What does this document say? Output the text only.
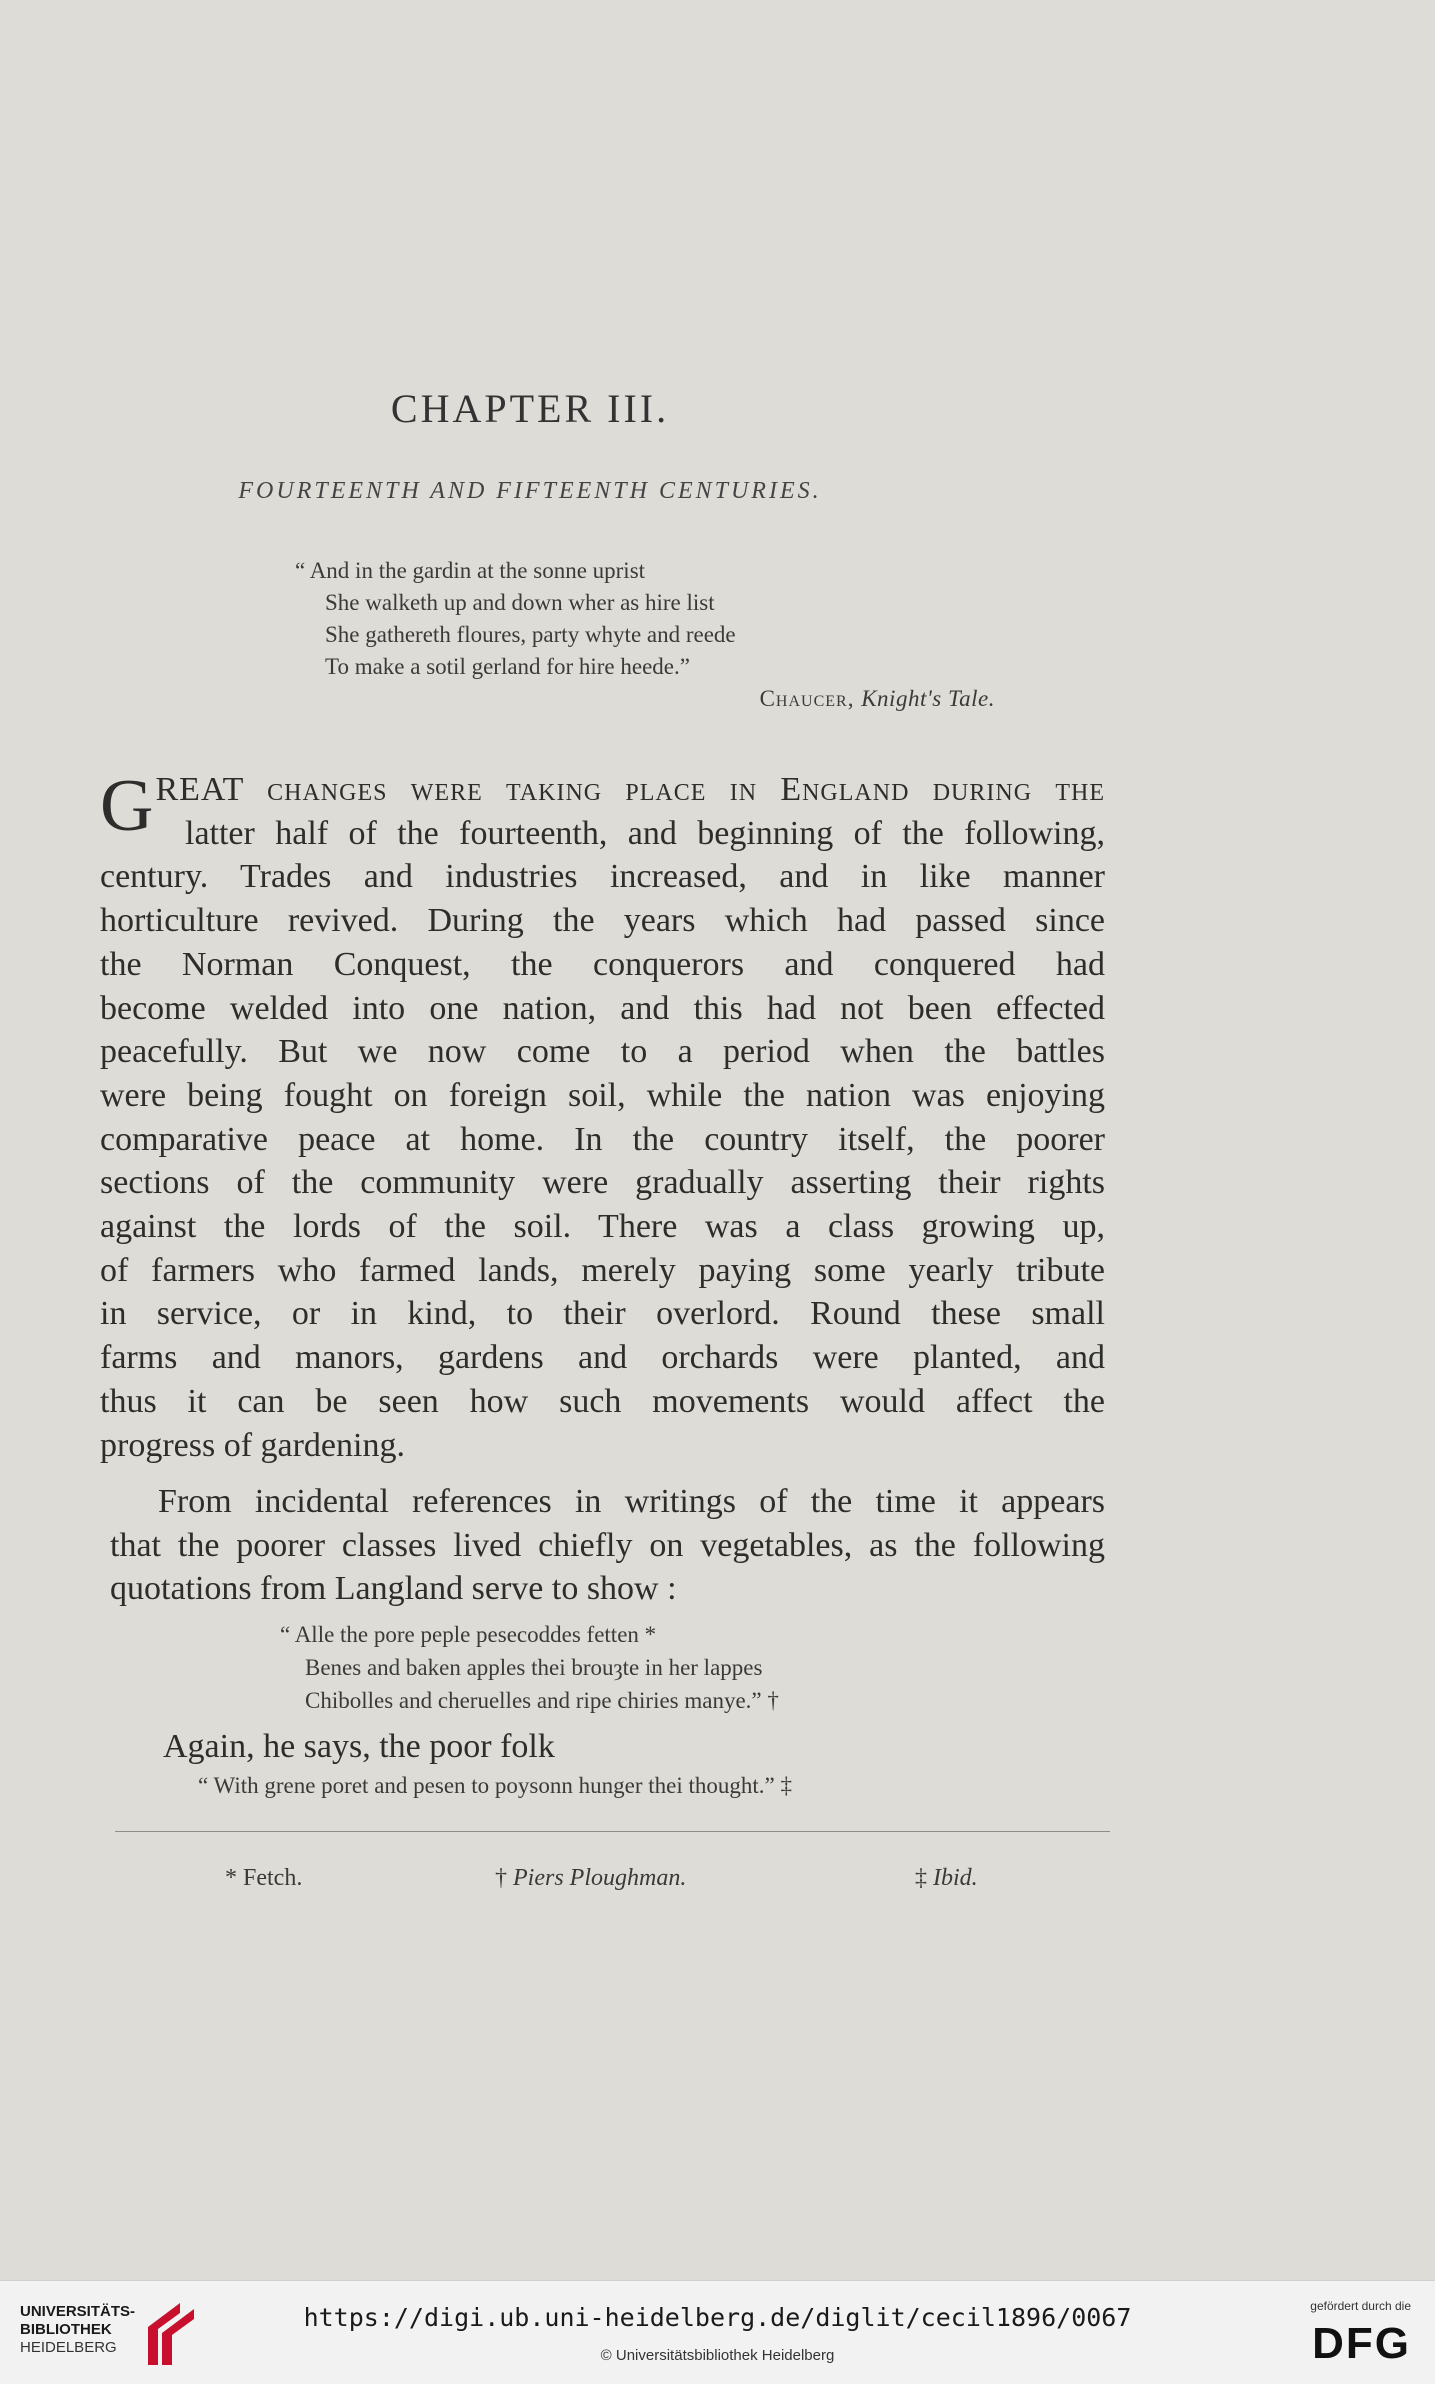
CHAPTER III.
FOURTEENTH AND FIFTEENTH CENTURIES.
“ And in the gardin at the sonne uprist
She walketh up and down wher as hire list
She gathereth floures, party whyte and reede
To make a sotil gerland for hire heede.”
Chaucer, Knight's Tale.
G REAT changes were taking place in England during the
latter half of the fourteenth, and beginning of the following,
century. Trades and industries increased, and in like manner
horticulture revived. During the years which had passed since
the Norman Conquest, the conquerors and conquered had
become welded into one nation, and this had not been effected
peacefully. But we now come to a period when the battles
were being fought on foreign soil, while the nation was enjoying
comparative peace at home. In the country itself, the poorer
sections of the community were gradually asserting their rights
against the lords of the soil. There was a class growing up,
of farmers who farmed lands, merely paying some yearly tribute
in service, or in kind, to their overlord. Round these small
farms and manors, gardens and orchards were planted, and
thus it can be seen how such movements would affect the
progress of gardening.
From incidental references in writings of the time it appears
that the poorer classes lived chiefly on vegetables, as the following
quotations from Langland serve to show :
“ Alle the pore peple pesecoddes fetten *
Benes and baken apples thei brouȝte in her lappes
Chibolles and cheruelles and ripe chiries manye.” †
Again, he says, the poor folk
“ With grene poret and pesen to poysonn hunger thei thought.” ‡
* Fetch.	† Piers Ploughman.	‡ Ibid.
UNIVERSITÄTS-
BIBLIOTHEK
HEIDELBERG
https://digi.ub.uni-heidelberg.de/diglit/cecil1896/0067
© Universitätsbibliothek Heidelberg
gefördert durch die
DFG
